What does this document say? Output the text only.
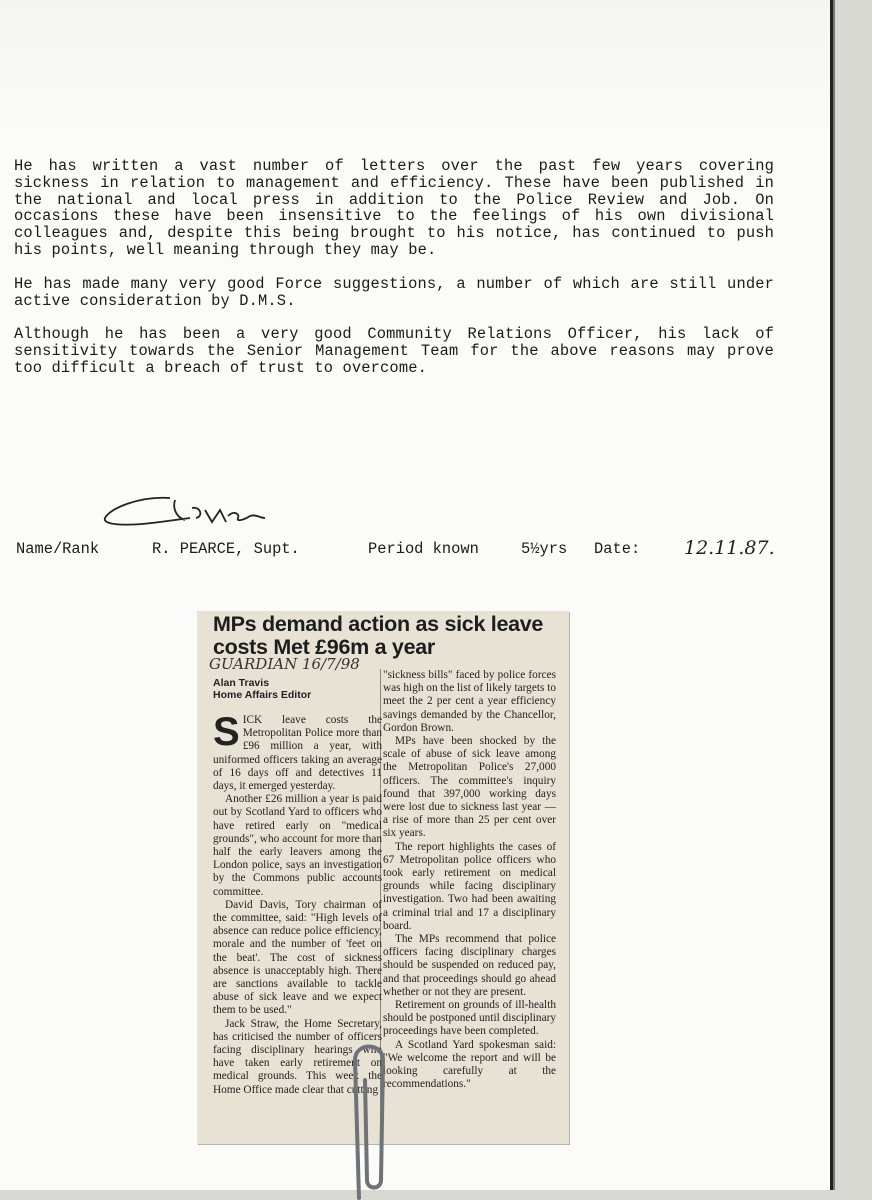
He has written a vast number of letters over the past few years covering sickness in relation to management and efficiency. These have been published in the national and local press in addition to the Police Review and Job. On occasions these have been insensitive to the feelings of his own divisional colleagues and, despite this being brought to his notice, has continued to push his points, well meaning through they may be.

He has made many very good Force suggestions, a number of which are still under active consideration by D.M.S.

Although he has been a very good Community Relations Officer, his lack of sensitivity towards the Senior Management Team for the above reasons may prove too difficult a breach of trust to overcome.

Name/Rank

	R. PEARCE, Supt.

	Period known

	5½yrs

Date:

12.11.87.

MPs demand action as sick leave costs Met £96m a year
GUARDIAN 16/7/98
Alan Travis
Home Affairs Editor

SICK leave costs the Metropolitan Police more than £96 million a year, with uniformed officers taking an average of 16 days off and detectives 11 days, it emerged yesterday.

Another £26 million a year is paid out by Scotland Yard to officers who have retired early on "medical grounds", who account for more than half the early leavers among the London police, says an investigation by the Commons public accounts committee.

David Davis, Tory chairman of the committee, said: "High levels of absence can reduce police efficiency, morale and the number of 'feet on the beat'. The cost of sickness absence is unacceptably high. There are sanctions available to tackle abuse of sick leave and we expect them to be used."

Jack Straw, the Home Secretary, has criticised the number of officers facing disciplinary hearings who have taken early retirement on medical grounds. This week the Home Office made clear that cutting

"sickness bills" faced by police forces was high on the list of likely targets to meet the 2 per cent a year efficiency savings demanded by the Chancellor, Gordon Brown.

MPs have been shocked by the scale of abuse of sick leave among the Metropolitan Police's 27,000 officers. The committee's inquiry found that 397,000 working days were lost due to sickness last year — a rise of more than 25 per cent over six years.

The report highlights the cases of 67 Metropolitan police officers who took early retirement on medical grounds while facing disciplinary investigation. Two had been awaiting a criminal trial and 17 a disciplinary board.

The MPs recommend that police officers facing disciplinary charges should be suspended on reduced pay, and that proceedings should go ahead whether or not they are present.

Retirement on grounds of ill-health should be postponed until disciplinary proceedings have been completed.

A Scotland Yard spokesman said: "We welcome the report and will be looking carefully at the recommendations."
